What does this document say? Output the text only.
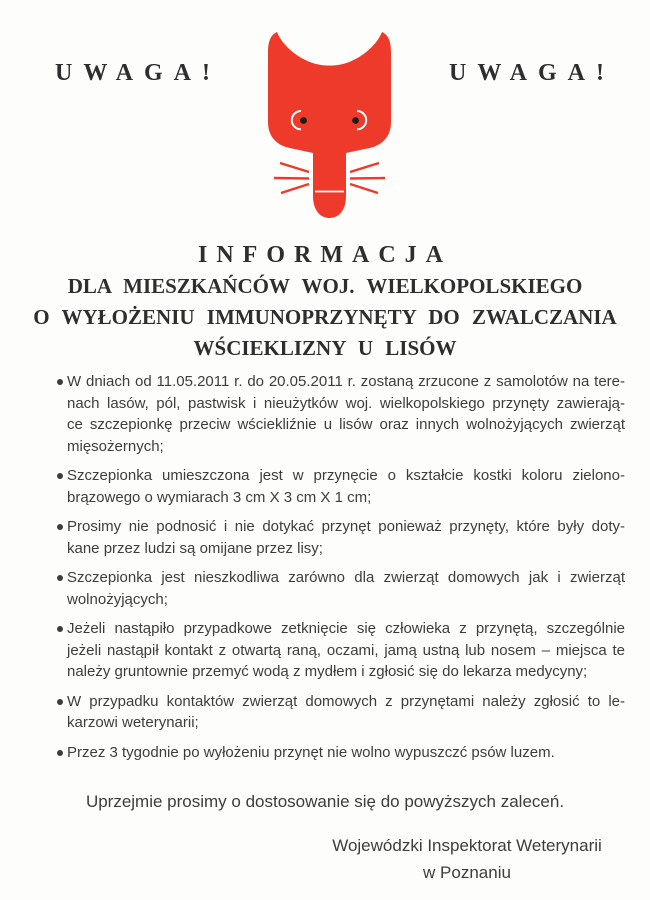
UWAGA!	UWAGA!
INFORMACJA
DLA MIESZKAŃCÓW WOJ. WIELKOPOLSKIEGO
O WYŁOŻENIU IMMUNOPRZYNĘTY DO ZWALCZANIA
WŚCIEKLIZNY U LISÓW
W dniach od 11.05.2011 r. do 20.05.2011 r. zostaną zrzucone z samolotów na tere-
nach lasów, pól, pastwisk i nieużytków woj. wielkopolskiego przynęty zawierają-
ce szczepionkę przeciw wściekliźnie u lisów oraz innych wolnożyjących zwierząt
mięsożernych;
Szczepionka umieszczona jest w przynęcie o kształcie kostki koloru zielono-
brązowego o wymiarach 3 cm X 3 cm X 1 cm;
Prosimy nie podnosić i nie dotykać przynęt ponieważ przynęty, które były doty-
kane przez ludzi są omijane przez lisy;
Szczepionka jest nieszkodliwa zarówno dla zwierząt domowych jak i zwierząt
wolnożyjących;
Jeżeli nastąpiło przypadkowe zetknięcie się człowieka z przynętą, szczególnie
jeżeli nastąpił kontakt z otwartą raną, oczami, jamą ustną lub nosem – miejsca te
należy gruntownie przemyć wodą z mydłem i zgłosić się do lekarza medycyny;
W przypadku kontaktów zwierząt domowych z przynętami należy zgłosić to le-
karzowi weterynarii;
Przez 3 tygodnie po wyłożeniu przynęt nie wolno wypuszczć psów luzem.
Uprzejmie prosimy o dostosowanie się do powyższych zaleceń.
Wojewódzki Inspektorat Weterynarii
w Poznaniu
